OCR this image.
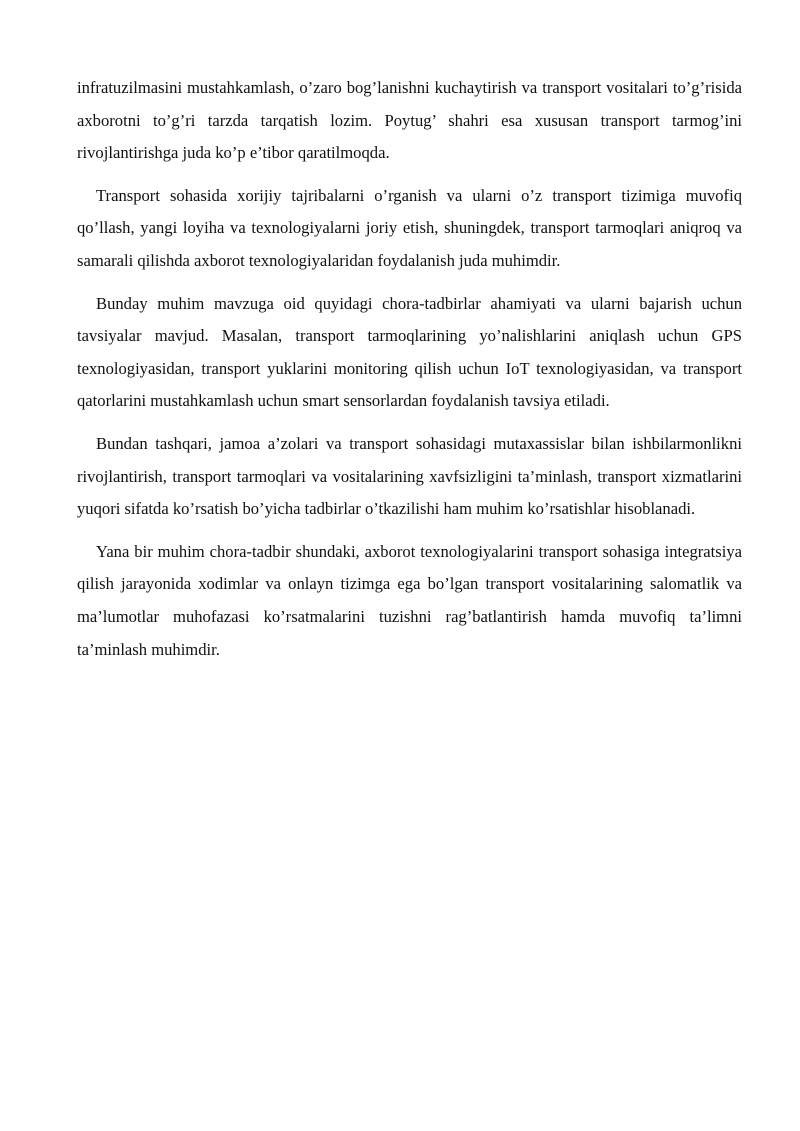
infratuzilmasini mustahkamlash, o’zaro bog’lanishni kuchaytirish va transport vositalari to’g’risida axborotni to’g’ri tarzda tarqatish lozim. Poytug’ shahri esa xususan transport tarmog’ini rivojlantirishga juda ko’p e’tibor qaratilmoqda.

Transport sohasida xorijiy tajribalarni o’rganish va ularni o’z transport tizimiga muvofiq qo’llash, yangi loyiha va texnologiyalarni joriy etish, shuningdek, transport tarmoqlari aniqroq va samarali qilishda axborot texnologiyalaridan foydalanish juda muhimdir.

Bunday muhim mavzuga oid quyidagi chora-tadbirlar ahamiyati va ularni bajarish uchun tavsiyalar mavjud. Masalan, transport tarmoqlarining yo’nalishlarini aniqlash uchun GPS texnologiyasidan, transport yuklarini monitoring qilish uchun IoT texnologiyasidan, va transport qatorlarini mustahkamlash uchun smart sensorlardan foydalanish tavsiya etiladi.

Bundan tashqari, jamoa a’zolari va transport sohasidagi mutaxassislar bilan ishbilarmonlikni rivojlantirish, transport tarmoqlari va vositalarining xavfsizligini ta’minlash, transport xizmatlarini yuqori sifatda ko’rsatish bo’yicha tadbirlar o’tkazilishi ham muhim ko’rsatishlar hisoblanadi.

Yana bir muhim chora-tadbir shundaki, axborot texnologiyalarini transport sohasiga integratsiya qilish jarayonida xodimlar va onlayn tizimga ega bo’lgan transport vositalarining salomatlik va ma’lumotlar muhofazasi ko’rsatmalarini tuzishni rag’batlantirish hamda muvofiq ta’limni ta’minlash muhimdir.
